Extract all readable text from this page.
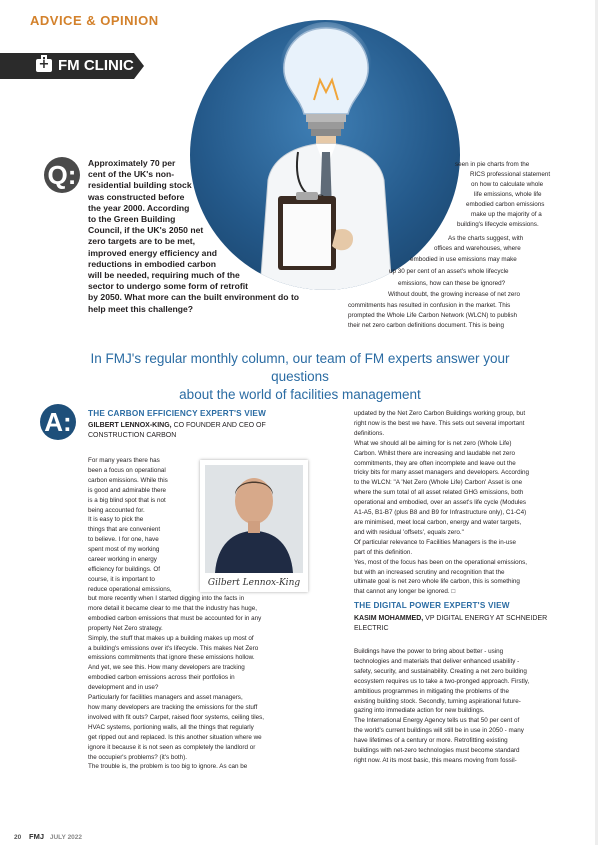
ADVICE & OPINION
+
FM CLINIC
Q:	Approximately 70 per
cent of the UK's non-
residential building stock
was constructed before
the year 2000. According
to the Green Building
Council, if the UK's 2050 net
zero targets are to be met,
improved energy efficiency and
reductions in embodied carbon
will be needed, requiring much of the
sector to undergo some form of retrofit
by 2050. What more can the built environment do to
help meet this challenge?
seen in pie charts from the
RICS professional statement
on how to calculate whole
life emissions, whole life
embodied carbon emissions
make up the majority of a
building's lifecycle emissions.
As the charts suggest, with
offices and warehouses, where
embodied in use emissions may make
up 30 per cent of an asset's whole lifecycle
emissions, how can these be ignored?
Without doubt, the growing increase of net zero
commitments has resulted in confusion in the market. This
prompted the Whole Life Carbon Network (WLCN) to publish
their net zero carbon definitions document. This is being
In FMJ's regular monthly column, our team of FM experts answer your questions
about the world of facilities management
A:	THE CARBON EFFICIENCY EXPERT'S VIEW
GILBERT LENNOX-KING, CO FOUNDER AND CEO OF
CONSTRUCTION CARBON
For many years there has
been a focus on operational
carbon emissions. While this
is good and admirable there
is a big blind spot that is not
being accounted for.
It is easy to pick the
things that are convenient
to believe. I for one, have
spent most of my working
career working in energy
efficiency for buildings. Of
course, it is important to
reduce operational emissions,
Gilbert Lennox-King
but more recently when I started digging into the facts in
more detail it became clear to me that the industry has huge,
embodied carbon emissions that must be accounted for in any
property Net Zero strategy.
Simply, the stuff that makes up a building makes up most of
a building's emissions over it's lifecycle. This makes Net Zero
emissions commitments that ignore these emissions hollow.
And yet, we see this. How many developers are tracking
embodied carbon emissions across their portfolios in
development and in use?
Particularly for facilities managers and asset managers,
how many developers are tracking the emissions for the stuff
involved with fit outs? Carpet, raised floor systems, ceiling tiles,
HVAC systems, portioning walls, all the things that regularly
get ripped out and replaced. Is this another situation where we
ignore it because it is not seen as completely the landlord or
the occupier's problems? (it's both).
The trouble is, the problem is too big to ignore. As can be
updated by the Net Zero Carbon Buildings working group, but
right now is the best we have. This sets out several important
definitions.
What we should all be aiming for is net zero (Whole Life)
Carbon. Whilst there are increasing and laudable net zero
commitments, they are often incomplete and leave out the
tricky bits for many asset managers and developers. According
to the WLCN: "A 'Net Zero (Whole Life) Carbon' Asset is one
where the sum total of all asset related GHG emissions, both
operational and embodied, over an asset's life cycle (Modules
A1-A5, B1-B7 (plus B8 and B9 for Infrastructure only), C1-C4)
are minimised, meet local carbon, energy and water targets,
and with residual 'offsets', equals zero."
Of particular relevance to Facilities Managers is the in-use
part of this definition.
Yes, most of the focus has been on the operational emissions,
but with an increased scrutiny and recognition that the
ultimate goal is net zero whole life carbon, this is something
that cannot any longer be ignored. □
THE DIGITAL POWER EXPERT'S VIEW
KASIM MOHAMMED, VP DIGITAL ENERGY AT SCHNEIDER
ELECTRIC
Buildings have the power to bring about better - using
technologies and materials that deliver enhanced usability -
safety, security, and sustainability. Creating a net zero building
ecosystem requires us to take a two-pronged approach. Firstly,
ambitious programmes in mitigating the problems of the
existing building stock. Secondly, turning aspirational future-
gazing into immediate action for new buildings.
The International Energy Agency tells us that 50 per cent of
the world's current buildings will still be in use in 2050 - many
have lifetimes of a century or more. Retrofitting existing
buildings with net-zero technologies must become standard
right now. At its most basic, this means moving from fossil-
20 FMJ JULY 2022
